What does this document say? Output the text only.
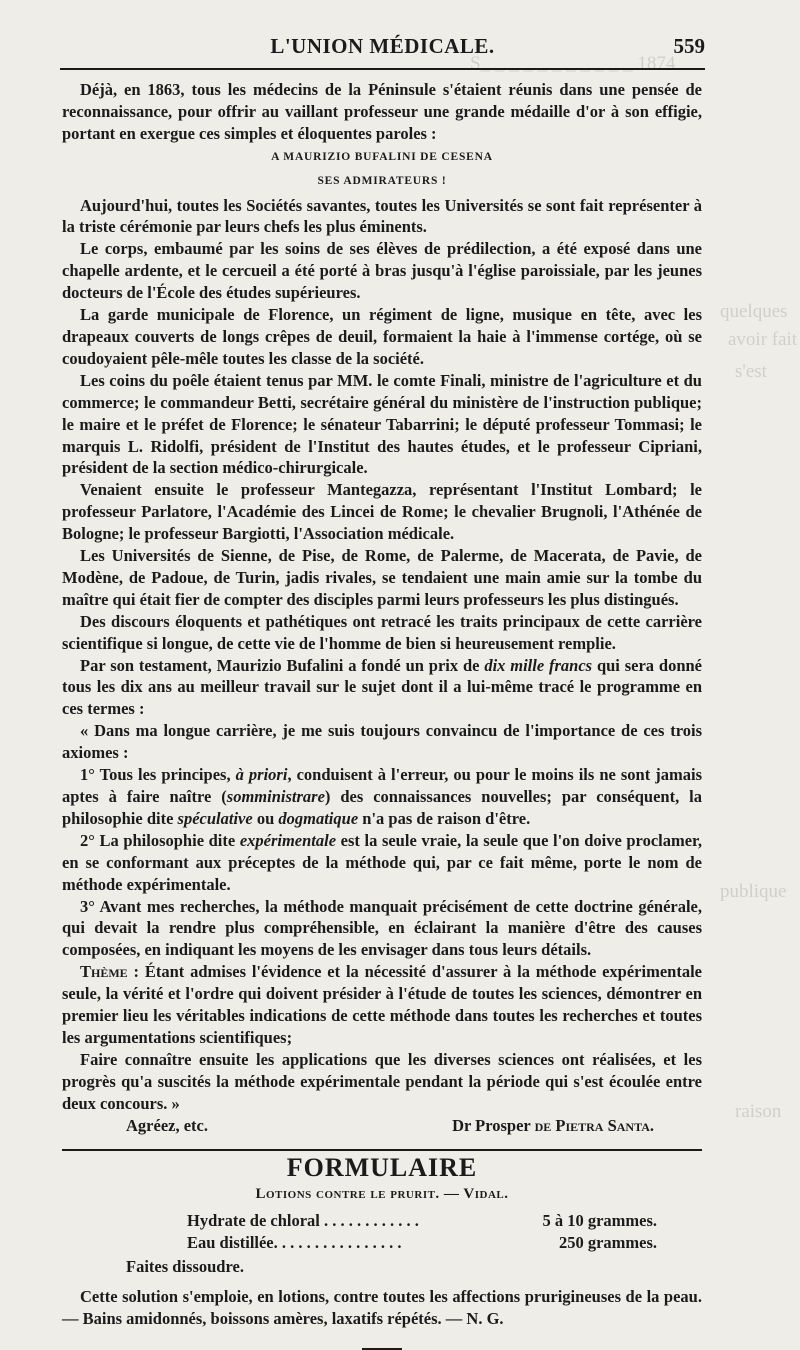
S_ _ _ _ _ _ _ _ _ _ _ 1874
quelques
avoir fait
s'est
publique
raison
L'UNION MÉDICALE.	559

Déjà, en 1863, tous les médecins de la Péninsule s'étaient réunis dans une pensée de reconnaissance, pour offrir au vaillant professeur une grande médaille d'or à son effigie, portant en exergue ces simples et éloquentes paroles :

A MAURIZIO BUFALINI DE CESENA

SES ADMIRATEURS !

Aujourd'hui, toutes les Sociétés savantes, toutes les Universités se sont fait représenter à la triste cérémonie par leurs chefs les plus éminents.

Le corps, embaumé par les soins de ses élèves de prédilection, a été exposé dans une chapelle ardente, et le cercueil a été porté à bras jusqu'à l'église paroissiale, par les jeunes docteurs de l'École des études supérieures.

La garde municipale de Florence, un régiment de ligne, musique en tête, avec les drapeaux couverts de longs crêpes de deuil, formaient la haie à l'immense cortége, où se coudoyaient pêle-mêle toutes les classe de la société.

Les coins du poêle étaient tenus par MM. le comte Finali, ministre de l'agriculture et du commerce; le commandeur Betti, secrétaire général du ministère de l'instruction publique; le maire et le préfet de Florence; le sénateur Tabarrini; le député professeur Tommasi; le marquis L. Ridolfi, président de l'Institut des hautes études, et le professeur Cipriani, président de la section médico-chirurgicale.

Venaient ensuite le professeur Mantegazza, représentant l'Institut Lombard; le professeur Parlatore, l'Académie des Lincei de Rome; le chevalier Brugnoli, l'Athénée de Bologne; le professeur Bargiotti, l'Association médicale.

Les Universités de Sienne, de Pise, de Rome, de Palerme, de Macerata, de Pavie, de Modène, de Padoue, de Turin, jadis rivales, se tendaient une main amie sur la tombe du maître qui était fier de compter des disciples parmi leurs professeurs les plus distingués.

Des discours éloquents et pathétiques ont retracé les traits principaux de cette carrière scientifique si longue, de cette vie de l'homme de bien si heureusement remplie.

Par son testament, Maurizio Bufalini a fondé un prix de dix mille francs qui sera donné tous les dix ans au meilleur travail sur le sujet dont il a lui-même tracé le programme en ces termes :

« Dans ma longue carrière, je me suis toujours convaincu de l'importance de ces trois axiomes :

1° Tous les principes, à priori, conduisent à l'erreur, ou pour le moins ils ne sont jamais aptes à faire naître (somministrare) des connaissances nouvelles; par conséquent, la philosophie dite spéculative ou dogmatique n'a pas de raison d'être.

2° La philosophie dite expérimentale est la seule vraie, la seule que l'on doive proclamer, en se conformant aux préceptes de la méthode qui, par ce fait même, porte le nom de méthode expérimentale.

3° Avant mes recherches, la méthode manquait précisément de cette doctrine générale, qui devait la rendre plus compréhensible, en éclairant la manière d'être des causes composées, en indiquant les moyens de les envisager dans tous leurs détails.

Thème : Étant admises l'évidence et la nécessité d'assurer à la méthode expérimentale seule, la vérité et l'ordre qui doivent présider à l'étude de toutes les sciences, démontrer en premier lieu les véritables indications de cette méthode dans toutes les recherches et toutes les argumentations scientifiques;

Faire connaître ensuite les applications que les diverses sciences ont réalisées, et les progrès qu'a suscités la méthode expérimentale pendant la période qui s'est écoulée entre deux concours. »

Agréez, etc.	Dr Prosper de Pietra Santa.

FORMULAIRE
Lotions contre le prurit. — Vidal.
Hydrate de chloral . . . . . . . . . . . .	5 à 10 grammes.
Eau distillée. . . . . . . . . . . . . . . .	250 grammes.

Faites dissoudre.

Cette solution s'emploie, en lotions, contre toutes les affections prurigineuses de la peau. — Bains amidonnés, boissons amères, laxatifs répétés. — N. G.
